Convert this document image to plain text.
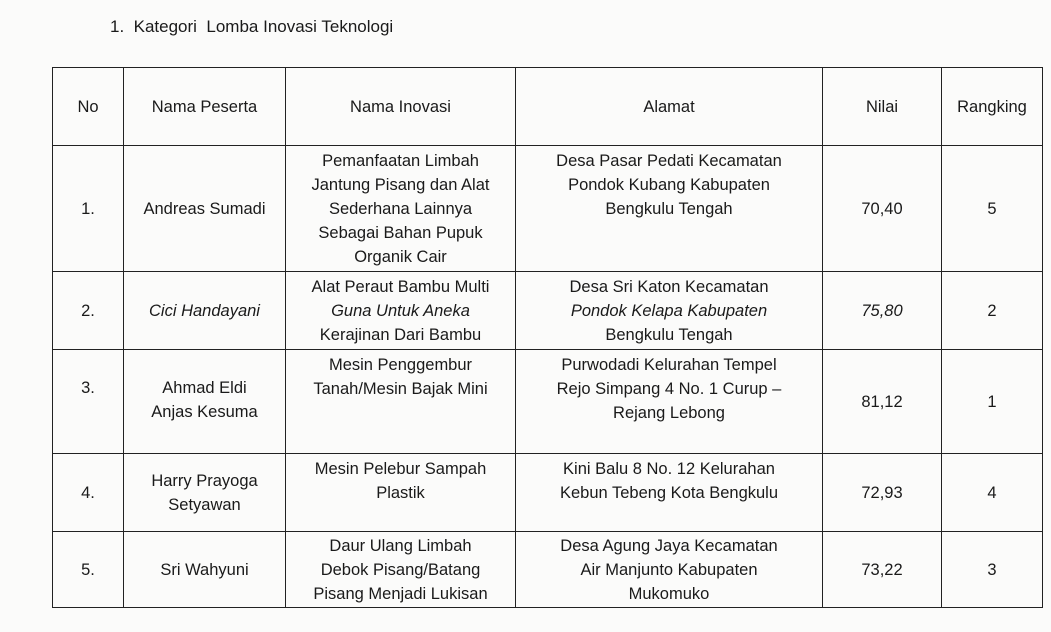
1.  Kategori  Lomba Inovasi Teknologi
No	Nama Peserta	Nama Inovasi	Alamat	Nilai	Rangking
1.	Andreas Sumadi	Pemanfaatan Limbah
Jantung Pisang dan Alat
Sederhana Lainnya
Sebagai Bahan Pupuk
Organik Cair	Desa Pasar Pedati Kecamatan
Pondok Kubang Kabupaten
Bengkulu Tengah	70,40	5
2.	Cici Handayani	Alat Peraut Bambu Multi
Guna Untuk Aneka
Kerajinan Dari Bambu	Desa Sri Katon Kecamatan
Pondok Kelapa Kabupaten
Bengkulu Tengah	75,80	2
3.	Ahmad Eldi
Anjas Kesuma	Mesin Penggembur
Tanah/Mesin Bajak Mini	Purwodadi Kelurahan Tempel
Rejo Simpang 4 No. 1 Curup –
Rejang Lebong	81,12	1
4.	Harry Prayoga
Setyawan	Mesin Pelebur Sampah
Plastik	Kini Balu 8 No. 12 Kelurahan
Kebun Tebeng Kota Bengkulu	72,93	4
5.	Sri Wahyuni	Daur Ulang Limbah
Debok Pisang/Batang
Pisang Menjadi Lukisan	Desa Agung Jaya Kecamatan
Air Manjunto Kabupaten
Mukomuko	73,22	3
